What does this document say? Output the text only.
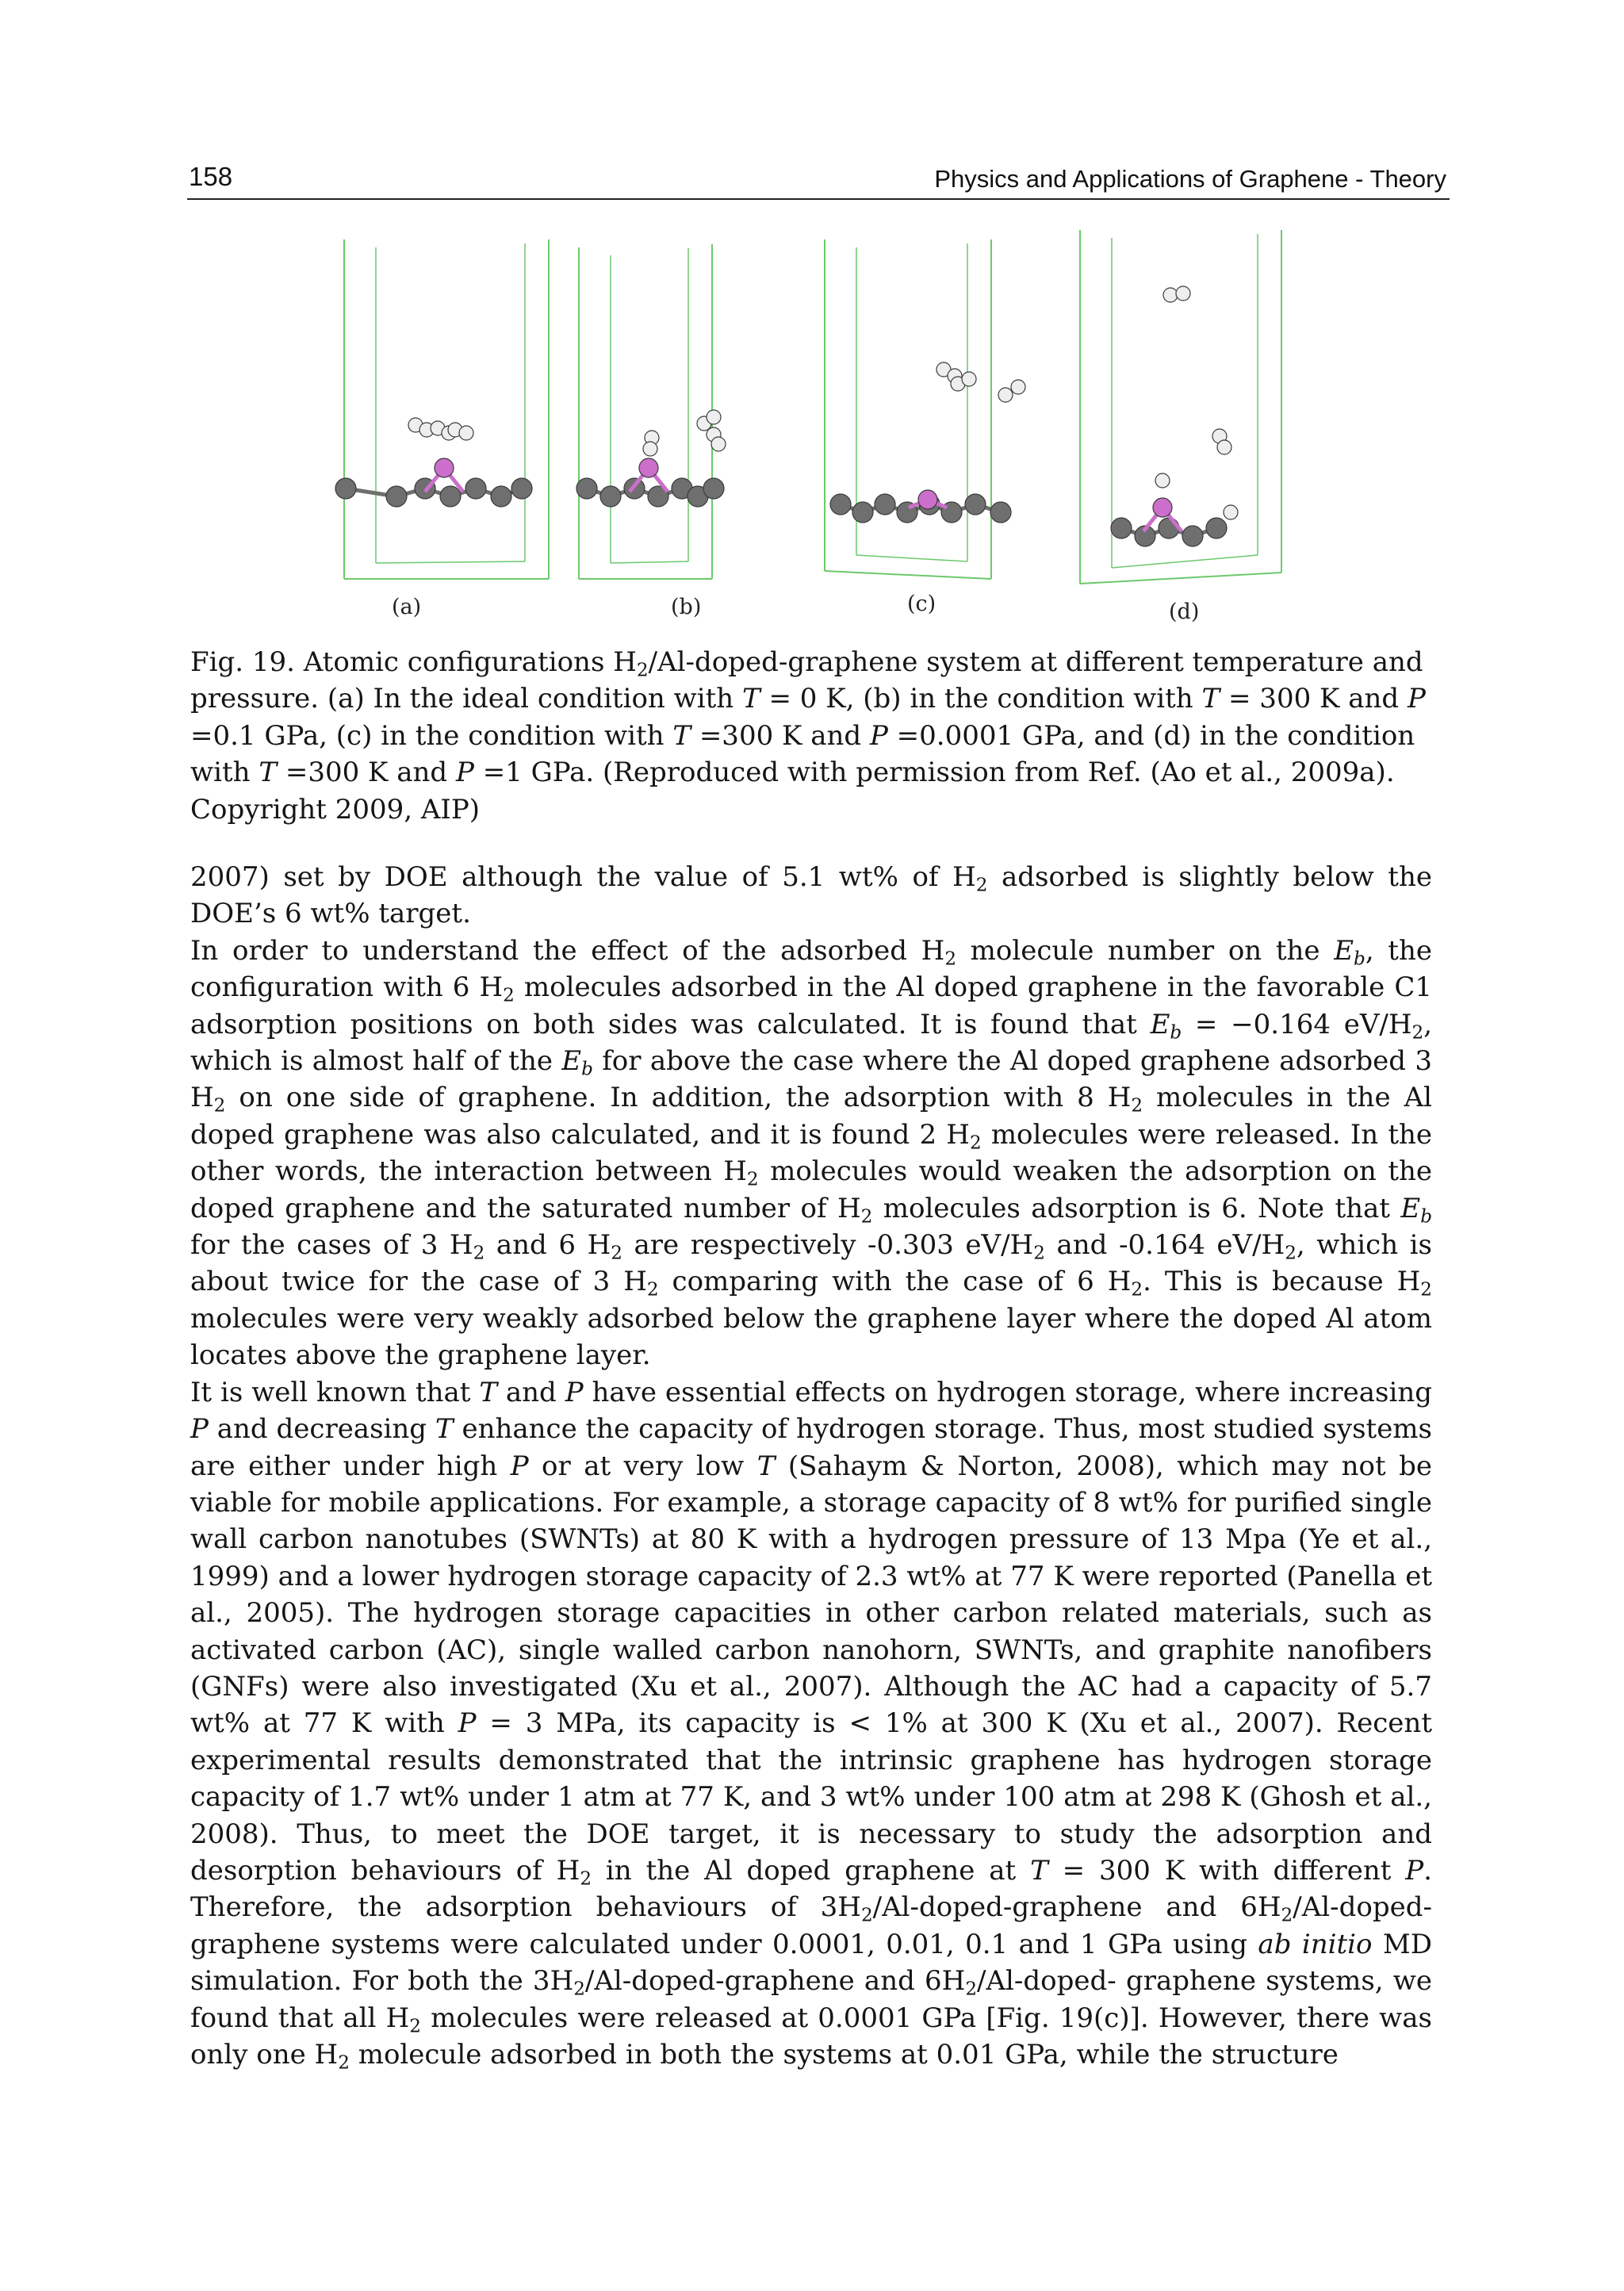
158	Physics and Applications of Graphene - Theory
(a)	(b)	(c)	(d)

Fig. 19. Atomic configurations $H_2/Al-doped$-graphene system at different temperature and pressure. (a) In the ideal condition with T = 0 K, (b) in the condition with T = 300 K and P =0.1 GPa, (c) in the condition with T =300 K and P =0.0001 GPa, and (d) in the condition with T =300 K and P =1 GPa. (Reproduced with permission from Ref. (Ao et al., 2009a). Copyright 2009, AIP)

2007) set by DOE although the value of 5.1 wt% of $H_2$ adsorbed is slightly below the DOE’s 6 wt% target.

In order to understand the effect of the adsorbed $H_2$ molecule number on the $E_b$, the configuration with 6 $H_2$ molecules adsorbed in the Al doped graphene in the favorable C1 adsorption positions on both sides was calculated. It is found that $E_b = -0.164$ $eV/H_2$, which is almost half of the $E_b$ for above the case where the Al doped graphene adsorbed 3 $H_2$ on one side of graphene. In addition, the adsorption with 8 $H_2$ molecules in the Al doped graphene was also calculated, and it is found 2 $H_2$ molecules were released. In the other words, the interaction between $H_2$ molecules would weaken the adsorption on the doped graphene and the saturated number of $H_2$ molecules adsorption is 6. Note that $E_b$ for the cases of 3 $H_2$ and 6 $H_2$ are respectively -0.303 $eV/H_2$ and -0.164 $eV/H_2$, which is about twice for the case of 3 $H_2$ comparing with the case of 6 $H_2$. This is because $H_2$ molecules were very weakly adsorbed below the graphene layer where the doped Al atom locates above the graphene layer.

It is well known that T and P have essential effects on hydrogen storage, where increasing P and decreasing T enhance the capacity of hydrogen storage. Thus, most studied systems are either under high P or at very low T (Sahaym & Norton, 2008), which may not be viable for mobile applications. For example, a storage capacity of 8 wt% for purified single wall carbon nanotubes (SWNTs) at 80 K with a hydrogen pressure of 13 Mpa (Ye et al., 1999) and a lower hydrogen storage capacity of 2.3 wt% at 77 K were reported (Panella et al., 2005). The hydrogen storage capacities in other carbon related materials, such as activated carbon (AC), single walled carbon nanohorn, SWNTs, and graphite nanofibers (GNFs) were also investigated (Xu et al., 2007). Although the AC had a capacity of 5.7 wt% at 77 K with P = 3 MPa, its capacity is < 1% at 300 K (Xu et al., 2007). Recent experimental results demonstrated that the intrinsic graphene has hydrogen storage capacity of 1.7 wt% under 1 atm at 77 K, and 3 wt% under 100 atm at 298 K (Ghosh et al., 2008). Thus, to meet the DOE target, it is necessary to study the adsorption and desorption behaviours of $H_2$ in the Al doped graphene at T = 300 K with different P. Therefore, the adsorption behaviours of $3H_2/Al-doped$-graphene and $6H_2/Al-doped-$ graphene systems were calculated under 0.0001, 0.01, 0.1 and 1 GPa using ab initio MD simulation. For both the $3H_2/Al-doped$-graphene and $6H_2/Al-doped-$ graphene systems, we found that all $H_2$ molecules were released at 0.0001 GPa [Fig. 19(c)]. However, there was only one $H_2$ molecule adsorbed in both the systems at 0.01 GPa, while the structure
